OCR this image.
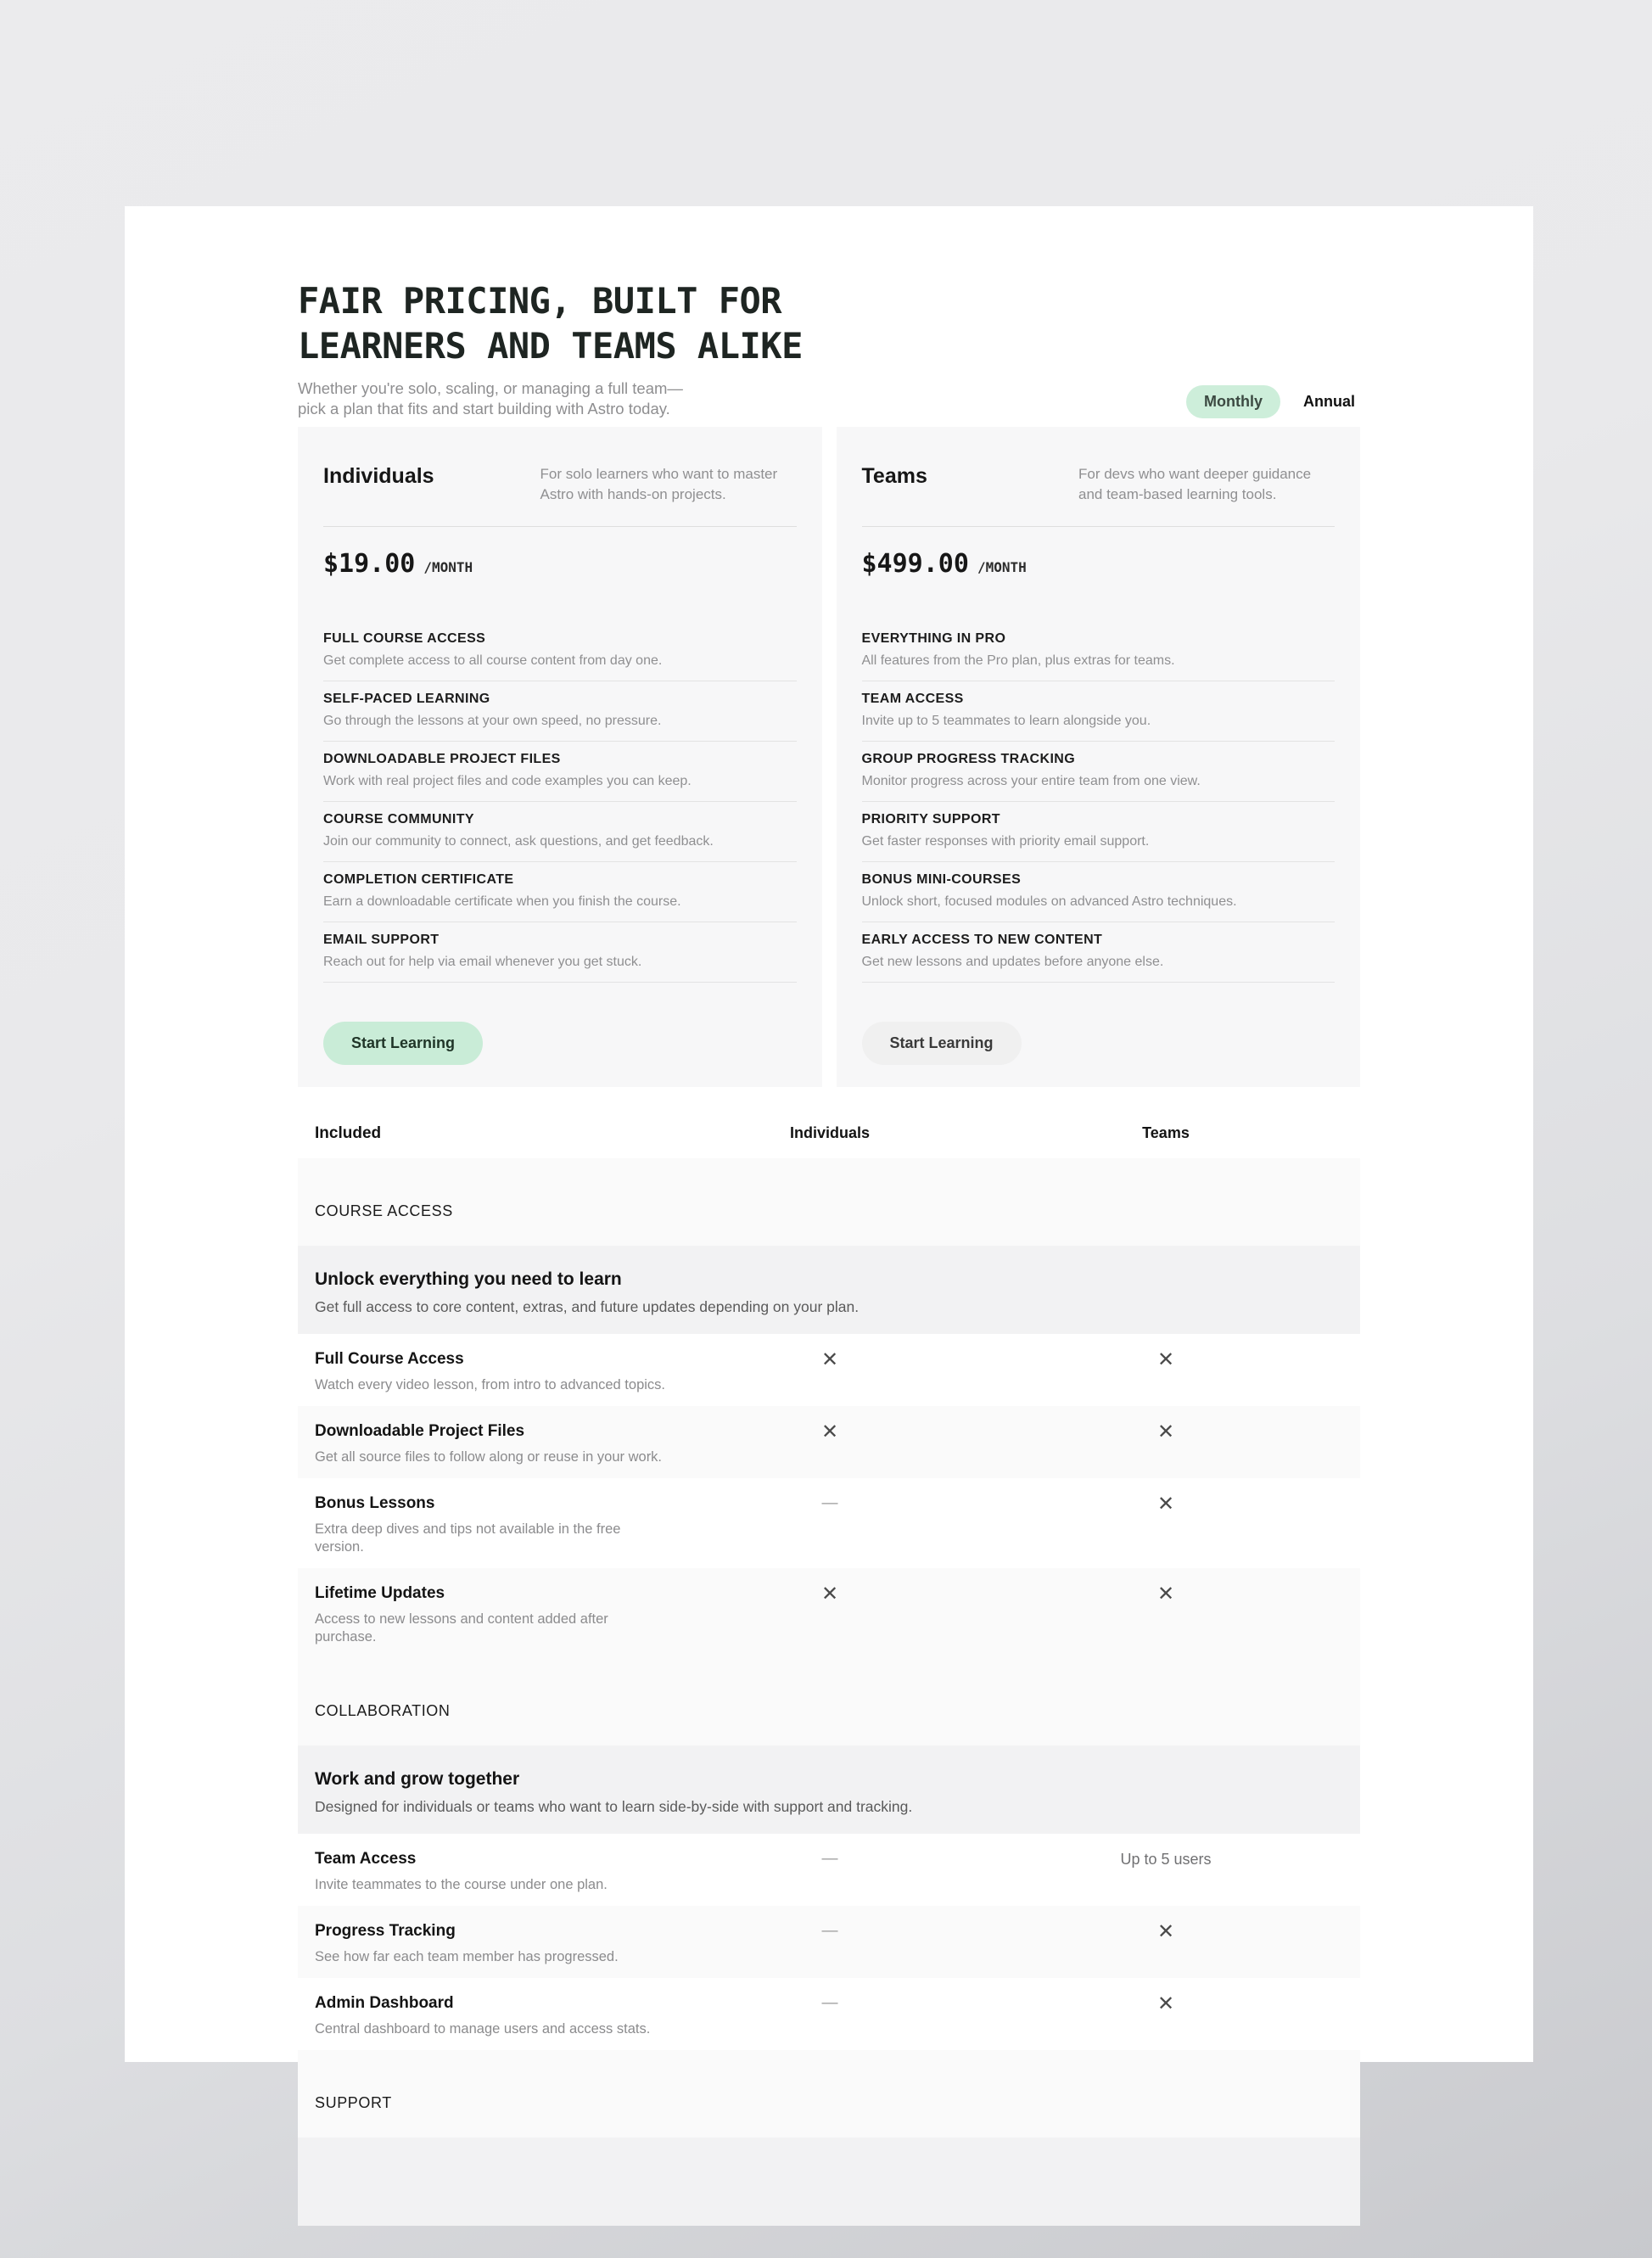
FAIR PRICING, BUILT FOR
LEARNERS AND TEAMS ALIKE
Whether you're solo, scaling, or managing a full team—
pick a plan that fits and start building with Astro today.	Monthly	Annual
Individuals	For solo learners who want to master Astro with hands-on projects.
$19.00 /MONTH
FULL COURSE ACCESS
Get complete access to all course content from day one.
SELF-PACED LEARNING
Go through the lessons at your own speed, no pressure.
DOWNLOADABLE PROJECT FILES
Work with real project files and code examples you can keep.
COURSE COMMUNITY
Join our community to connect, ask questions, and get feedback.
COMPLETION CERTIFICATE
Earn a downloadable certificate when you finish the course.
EMAIL SUPPORT
Reach out for help via email whenever you get stuck.
Start Learning
Teams	For devs who want deeper guidance and team-based learning tools.
$499.00 /MONTH
EVERYTHING IN PRO
All features from the Pro plan, plus extras for teams.
TEAM ACCESS
Invite up to 5 teammates to learn alongside you.
GROUP PROGRESS TRACKING
Monitor progress across your entire team from one view.
PRIORITY SUPPORT
Get faster responses with priority email support.
BONUS MINI-COURSES
Unlock short, focused modules on advanced Astro techniques.
EARLY ACCESS TO NEW CONTENT
Get new lessons and updates before anyone else.
Start Learning
Included	Individuals	Teams
COURSE ACCESS
Unlock everything you need to learn
Get full access to core content, extras, and future updates depending on your plan.
Full Course Access
Watch every video lesson, from intro to advanced topics.
✕	✕
Downloadable Project Files
Get all source files to follow along or reuse in your work.
✕	✕
Bonus Lessons
Extra deep dives and tips not available in the free version.
—	✕
Lifetime Updates
Access to new lessons and content added after purchase.
✕	✕
COLLABORATION
Work and grow together
Designed for individuals or teams who want to learn side-by-side with support and tracking.
Team Access
Invite teammates to the course under one plan.
—	Up to 5 users
Progress Tracking
See how far each team member has progressed.
—	✕
Admin Dashboard
Central dashboard to manage users and access stats.
—	✕
SUPPORT
